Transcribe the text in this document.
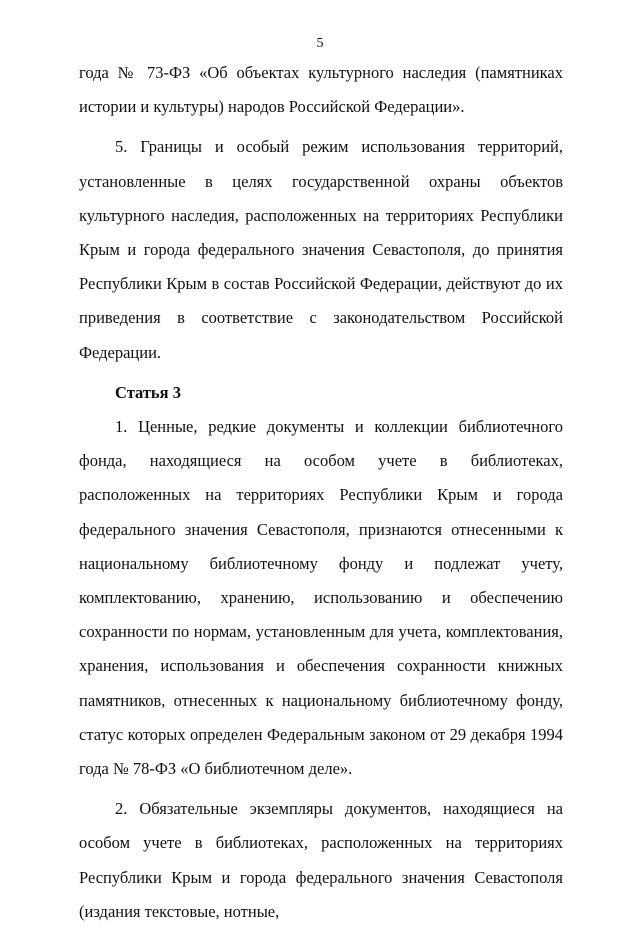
5

года № 73-ФЗ «Об объектах культурного наследия (памятниках истории и культуры) народов Российской Федерации».

5. Границы и особый режим использования территорий, установленные в целях государственной охраны объектов культурного наследия, расположенных на территориях Республики Крым и города федерального значения Севастополя, до принятия Республики Крым в состав Российской Федерации, действуют до их приведения в соответствие с законодательством Российской Федерации.

Статья 3

1. Ценные, редкие документы и коллекции библиотечного фонда, находящиеся на особом учете в библиотеках, расположенных на территориях Республики Крым и города федерального значения Севастополя, признаются отнесенными к национальному библиотечному фонду и подлежат учету, комплектованию, хранению, использованию и обеспечению сохранности по нормам, установленным для учета, комплектования, хранения, использования и обеспечения сохранности книжных памятников, отнесенных к национальному библиотечному фонду, статус которых определен Федеральным законом от 29 декабря 1994 года № 78-ФЗ «О библиотечном деле».

2. Обязательные экземпляры документов, находящиеся на особом учете в библиотеках, расположенных на территориях Республики Крым и города федерального значения Севастополя (издания текстовые, нотные,
